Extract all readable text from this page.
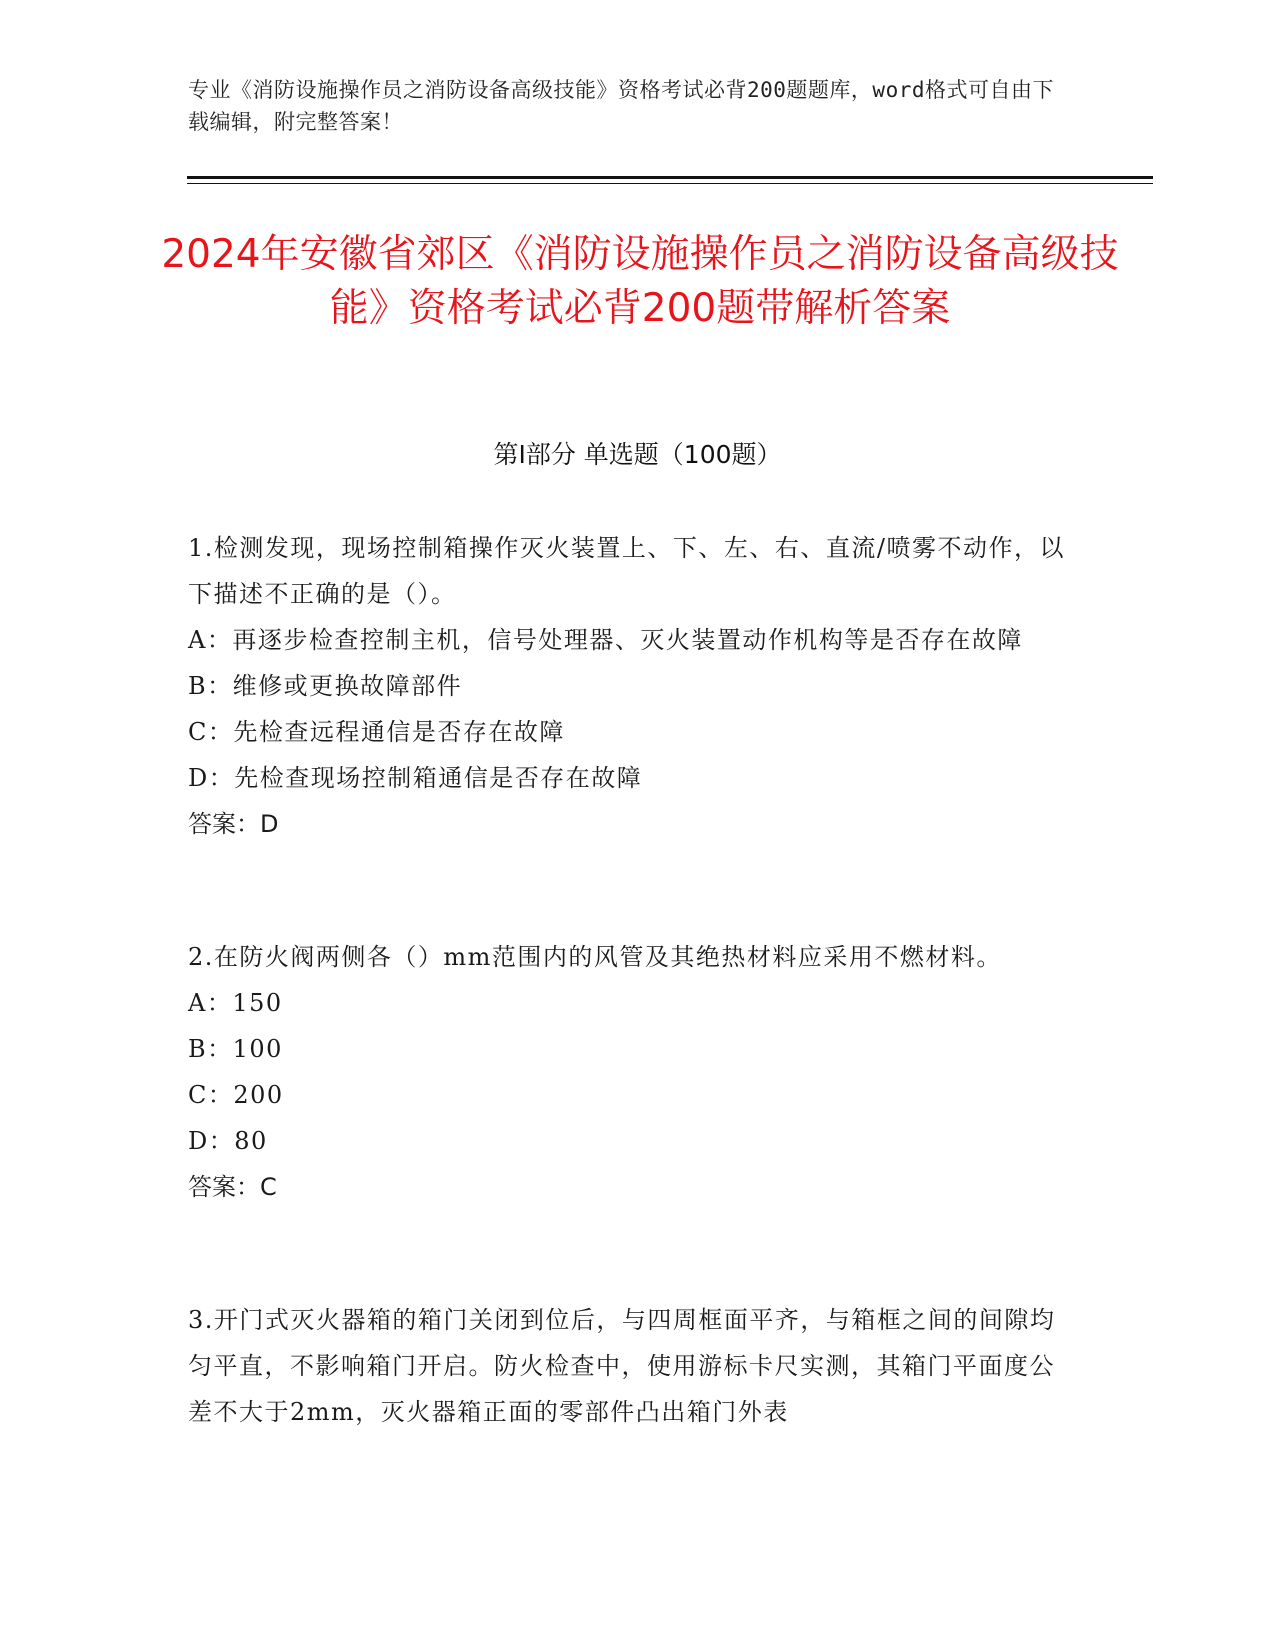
专业《消防设施操作员之消防设备高级技能》资格考试必背200题题库，word格式可自由下载编辑，附完整答案！
2024年安徽省郊区《消防设施操作员之消防设备高级技能》资格考试必背200题带解析答案
第Ⅰ部分 单选题（100题）
1.检测发现，现场控制箱操作灭火装置上、下、左、右、直流/喷雾不动作，以下描述不正确的是（）。
A：再逐步检查控制主机，信号处理器、灭火装置动作机构等是否存在故障
B：维修或更换故障部件
C：先检查远程通信是否存在故障
D：先检查现场控制箱通信是否存在故障
答案：D
2.在防火阀两侧各（）mm范围内的风管及其绝热材料应采用不燃材料。
A：150
B：100
C：200
D：80
答案：C
3.开门式灭火器箱的箱门关闭到位后，与四周框面平齐，与箱框之间的间隙均匀平直，不影响箱门开启。防火检查中，使用游标卡尺实测，其箱门平面度公差不大于2mm，灭火器箱正面的零部件凸出箱门外表
